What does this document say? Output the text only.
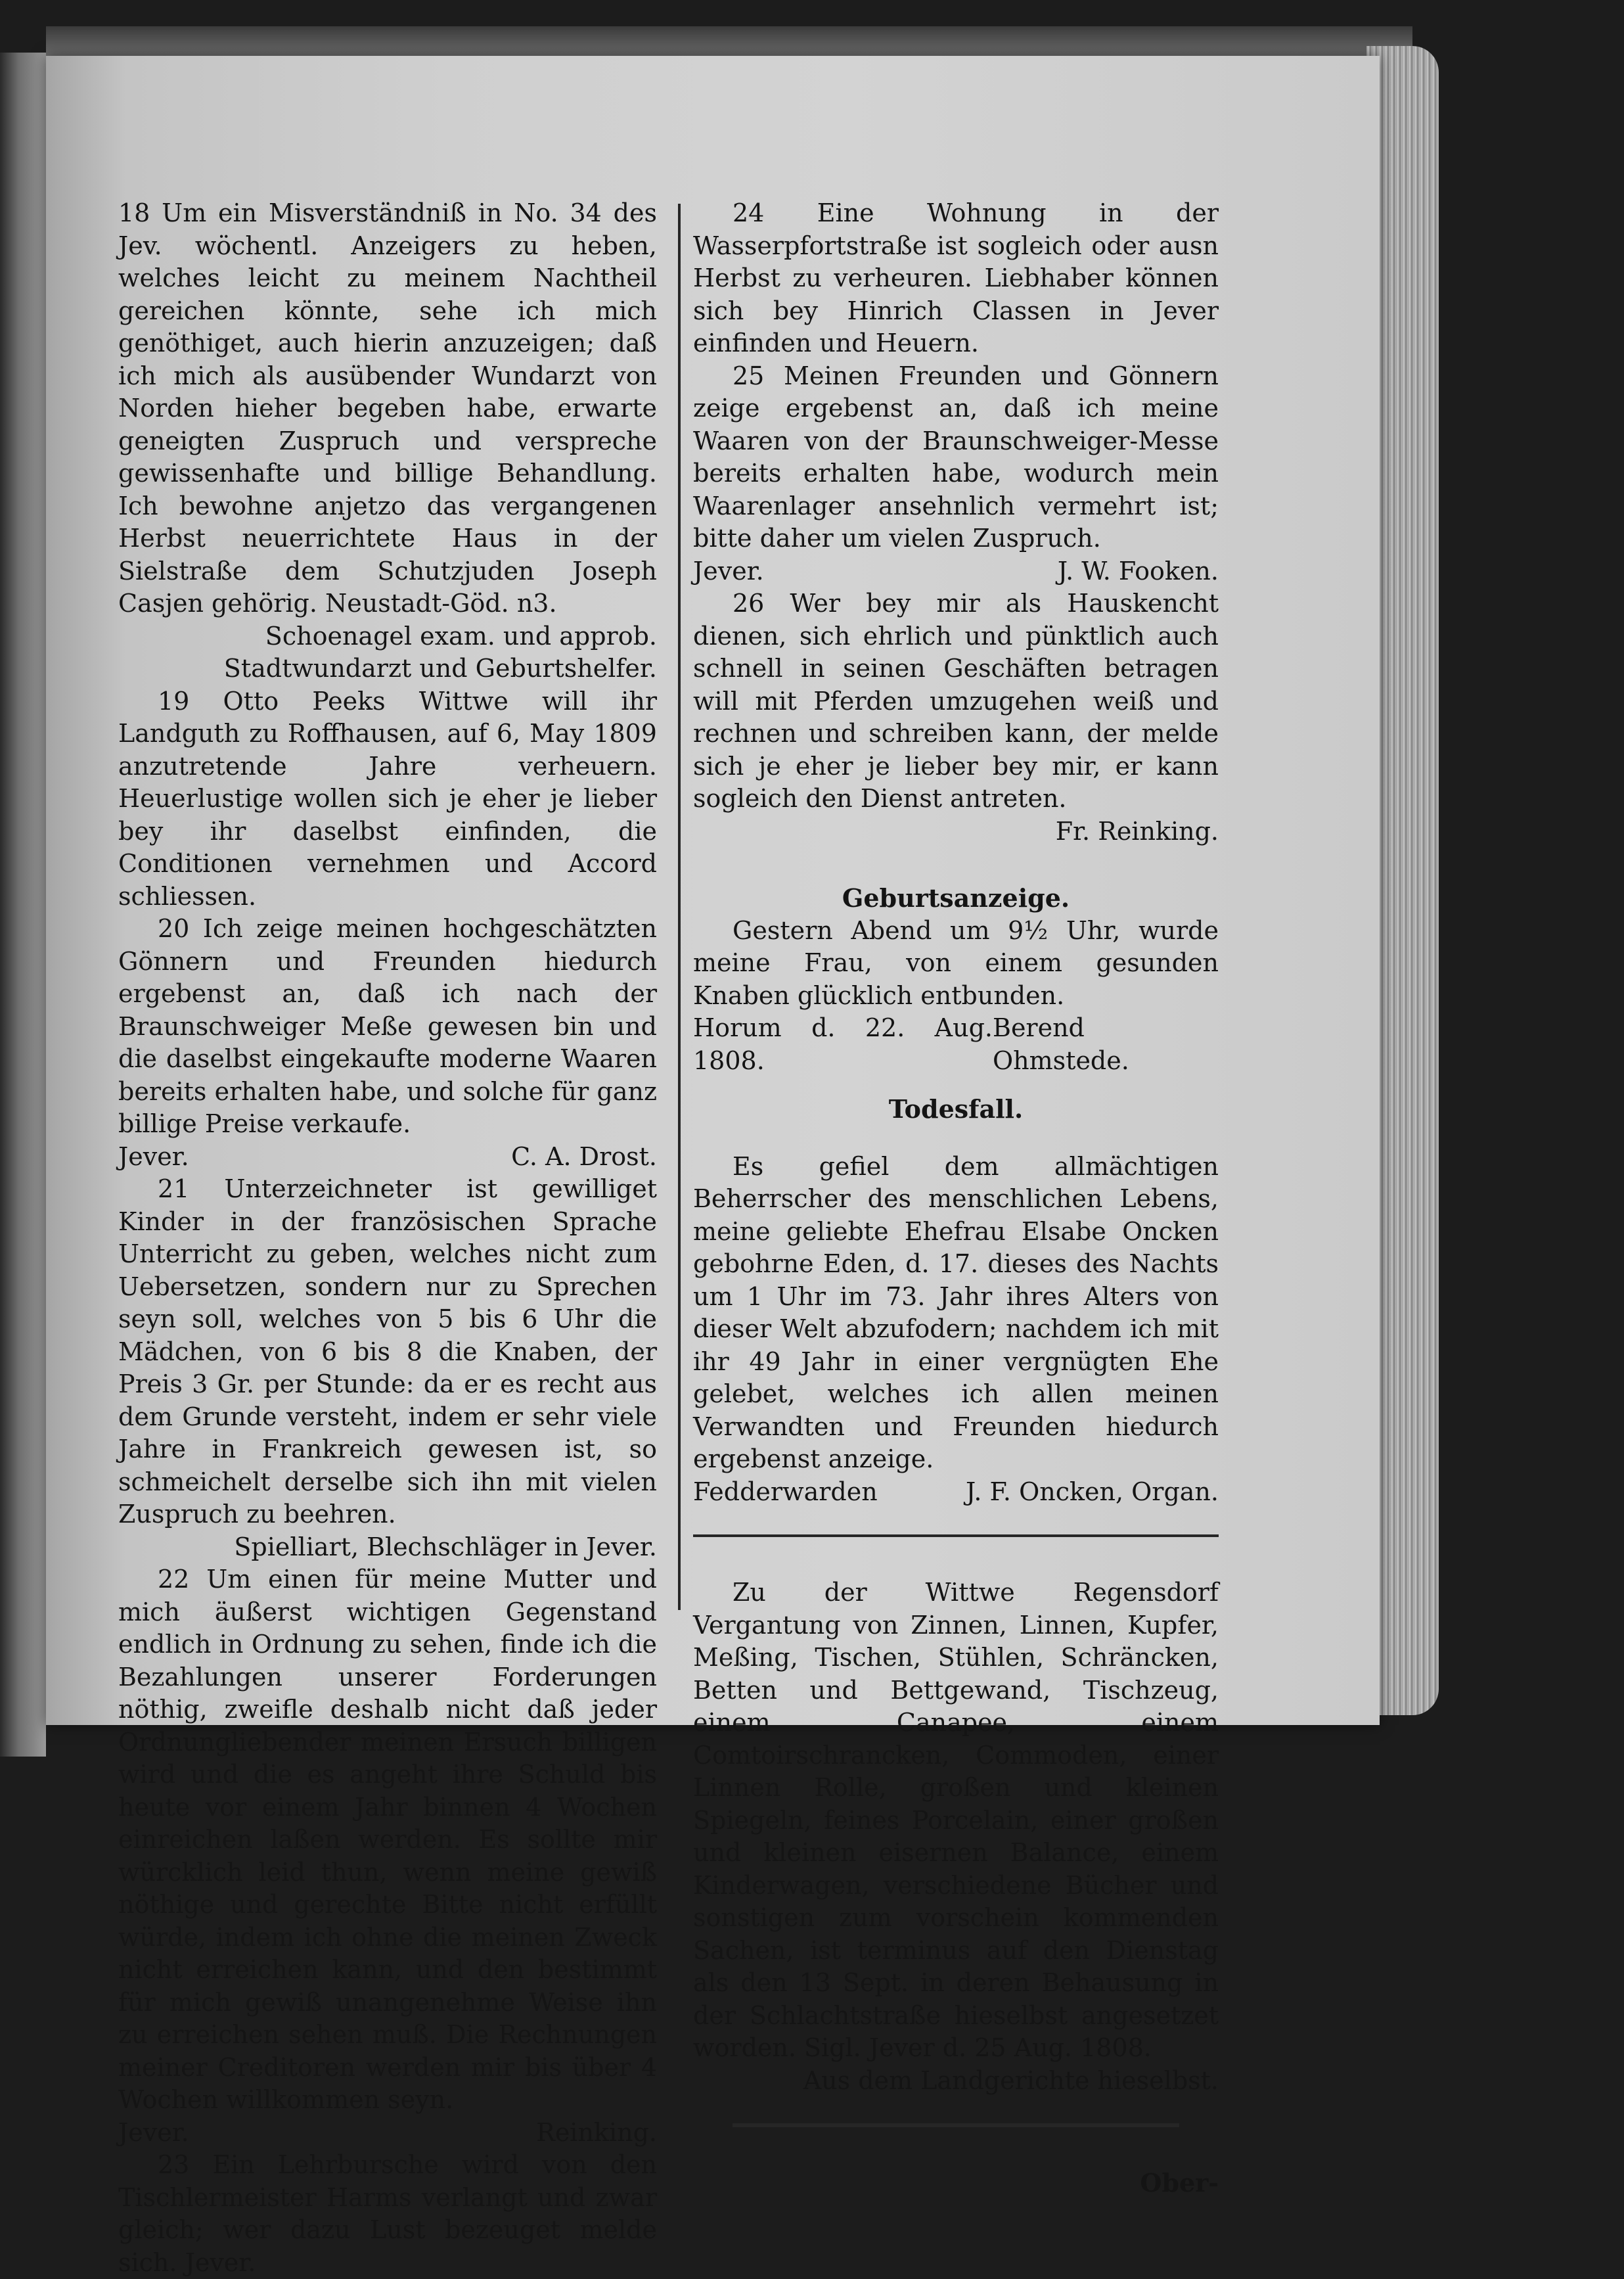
18 Um ein Misverständniß in No. 34 des Jev. wöchentl. Anzeigers zu heben, welches leicht zu meinem Nachtheil gereichen könnte, sehe ich mich genöthiget, auch hierin anzuzeigen; daß ich mich als ausübender Wundarzt von Norden hieher begeben habe, erwarte geneigten Zuspruch und verspreche gewissenhafte und billige Behandlung. Ich bewohne anjetzo das vergangenen Herbst neuerrichtete Haus in der Sielstraße dem Schutzjuden Joseph Casjen gehörig. Neustadt-Göd. n3.

Schoenagel exam. und approb. Stadtwundarzt und Geburtshelfer.

19 Otto Peeks Wittwe will ihr Landguth zu Roffhausen, auf 6, May 1809 anzutretende Jahre verheuern. Heuerlustige wollen sich je eher je lieber bey ihr daselbst einfinden, die Conditionen vernehmen und Accord schliessen.

20 Ich zeige meinen hochgeschätzten Gönnern und Freunden hiedurch ergebenst an, daß ich nach der Braunschweiger Meße gewesen bin und die daselbst eingekaufte moderne Waaren bereits erhalten habe, und solche für ganz billige Preise verkaufe.

Jever.	C. A. Drost.

21 Unterzeichneter ist gewilliget Kinder in der französischen Sprache Unterricht zu geben, welches nicht zum Uebersetzen, sondern nur zu Sprechen seyn soll, welches von 5 bis 6 Uhr die Mädchen, von 6 bis 8 die Knaben, der Preis 3 Gr. per Stunde: da er es recht aus dem Grunde versteht, indem er sehr viele Jahre in Frankreich gewesen ist, so schmeichelt derselbe sich ihn mit vielen Zuspruch zu beehren.

Spielliart, Blechschläger in Jever.

22 Um einen für meine Mutter und mich äußerst wichtigen Gegenstand endlich in Ordnung zu sehen, finde ich die Bezahlungen unserer Forderungen nöthig, zweifle deshalb nicht daß jeder Ordnungliebender meinen Ersuch billigen wird und die es angeht ihre Schuld bis heute vor einem Jahr binnen 4 Wochen einreichen laßen werden. Es sollte mir würcklich leid thun, wenn meine gewiß nöthige und gerechte Bitte nicht erfüllt würde, indem ich ohne die meinen Zweck nicht erreichen kann, und den bestimmt für mich gewiß unangenehme Weise ihn zu erreichen sehen muß. Die Rechnungen meiner Creditoren werden mir bis über 4 Wochen willkommen seyn.

Jever.	Reinking.

23 Ein Lehrbursche wird von den Tischlermeister Harms verlangt und zwar gleich; wer dazu Lust bezeuget melde sich. Jever.

24 Eine Wohnung in der Wasserpfortstraße ist sogleich oder ausn Herbst zu verheuren. Liebhaber können sich bey Hinrich Classen in Jever einfinden und Heuern.

25 Meinen Freunden und Gönnern zeige ergebenst an, daß ich meine Waaren von der Braunschweiger-Messe bereits erhalten habe, wodurch mein Waarenlager ansehnlich vermehrt ist; bitte daher um vielen Zuspruch.

Jever.	J. W. Fooken.

26 Wer bey mir als Hauskencht dienen, sich ehrlich und pünktlich auch schnell in seinen Geschäften betragen will mit Pferden umzugehen weiß und rechnen und schreiben kann, der melde sich je eher je lieber bey mir, er kann sogleich den Dienst antreten.

Fr. Reinking.

Geburtsanzeige.

Gestern Abend um 9½ Uhr, wurde meine Frau, von einem gesunden Knaben glücklich entbunden.

Horum d. 22. Aug. 1808.
Berend Ohmstede.

Todesfall.

Es gefiel dem allmächtigen Beherrscher des menschlichen Lebens, meine geliebte Ehefrau Elsabe Oncken gebohrne Eden, d. 17. dieses des Nachts um 1 Uhr im 73. Jahr ihres Alters von dieser Welt abzufodern; nachdem ich mit ihr 49 Jahr in einer vergnügten Ehe gelebet, welches ich allen meinen Verwandten und Freunden hiedurch ergebenst anzeige.

Fedderwarden	J. F. Oncken, Organ.

Zu der Wittwe Regensdorf Vergantung von Zinnen, Linnen, Kupfer, Meßing, Tischen, Stühlen, Schräncken, Betten und Bettgewand, Tischzeug, einem Canapee, einem Comtoirschrancken, Commoden, einer Linnen Rolle, großen und kleinen Spiegeln, feines Porcelain, einer großen und kleinen eisernen Balance, einem Kinderwagen, verschiedene Bücher und sonstigen zum vorschein kommenden Sachen, ist terminus auf den Dienstag als den 13 Sept. in deren Behausung in der Schlachtstraße hieselbst angesetzet worden. Sigl. Jever d. 25 Aug. 1808.

Aus dem Landgerichte hieselbst.

Ober-
